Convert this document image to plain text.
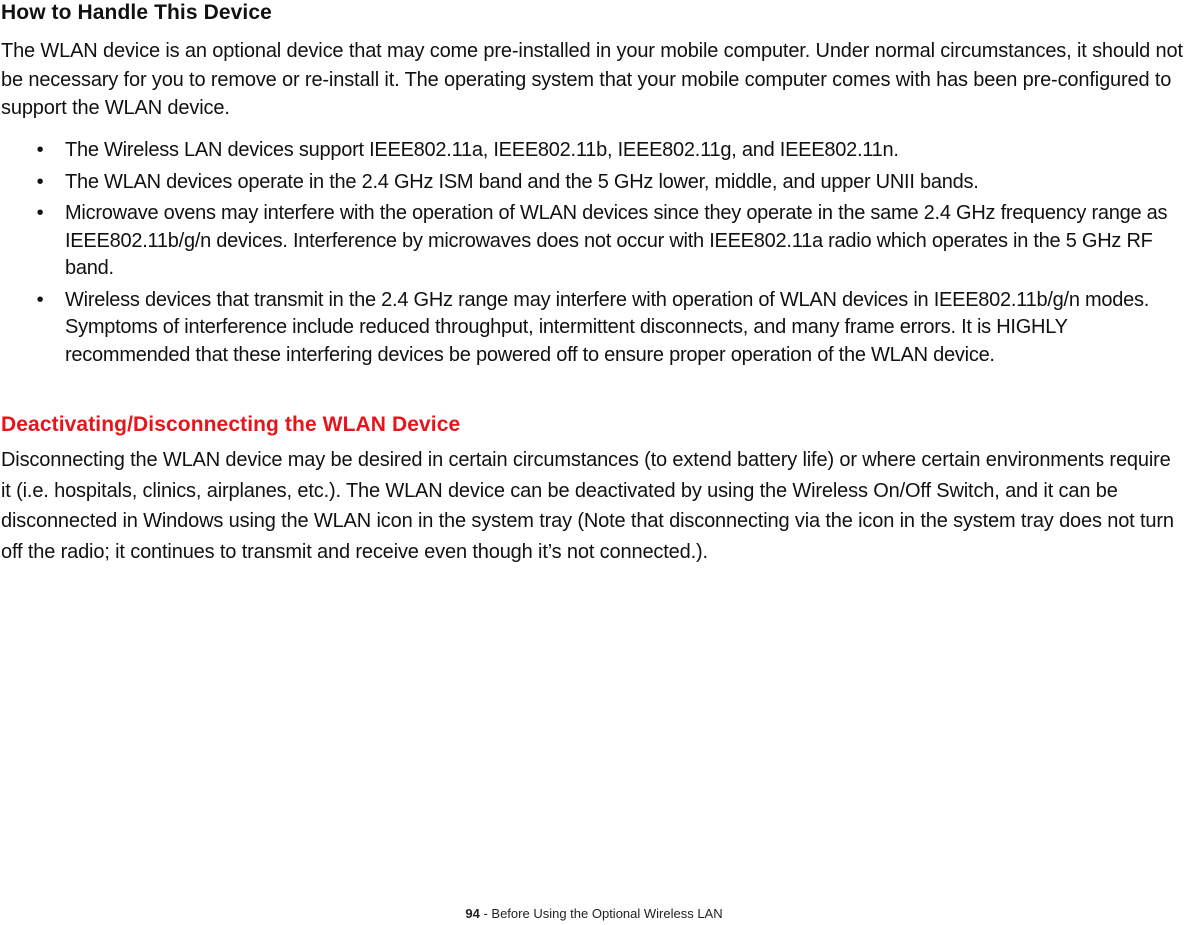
How to Handle This Device

The WLAN device is an optional device that may come pre-installed in your mobile computer. Under normal circumstances, it should not be necessary for you to remove or re-install it. The operating system that your mobile computer comes with has been pre-configured to support the WLAN device.

• The Wireless LAN devices support IEEE802.11a, IEEE802.11b, IEEE802.11g, and IEEE802.11n.
• The WLAN devices operate in the 2.4 GHz ISM band and the 5 GHz lower, middle, and upper UNII bands.
• Microwave ovens may interfere with the operation of WLAN devices since they operate in the same 2.4 GHz frequency range as IEEE802.11b/g/n devices. Interference by microwaves does not occur with IEEE802.11a radio which operates in the 5 GHz RF band.
• Wireless devices that transmit in the 2.4 GHz range may interfere with operation of WLAN devices in IEEE802.11b/g/n modes. Symptoms of interference include reduced throughput, intermittent disconnects, and many frame errors. It is HIGHLY recommended that these interfering devices be powered off to ensure proper operation of the WLAN device.
Deactivating/Disconnecting the WLAN Device

Disconnecting the WLAN device may be desired in certain circumstances (to extend battery life) or where certain environments require it (i.e. hospitals, clinics, airplanes, etc.). The WLAN device can be deactivated by using the Wireless On/Off Switch, and it can be disconnected in Windows using the WLAN icon in the system tray (Note that disconnecting via the icon in the system tray does not turn off the radio; it continues to transmit and receive even though it’s not connected.).

94 - Before Using the Optional Wireless LAN
